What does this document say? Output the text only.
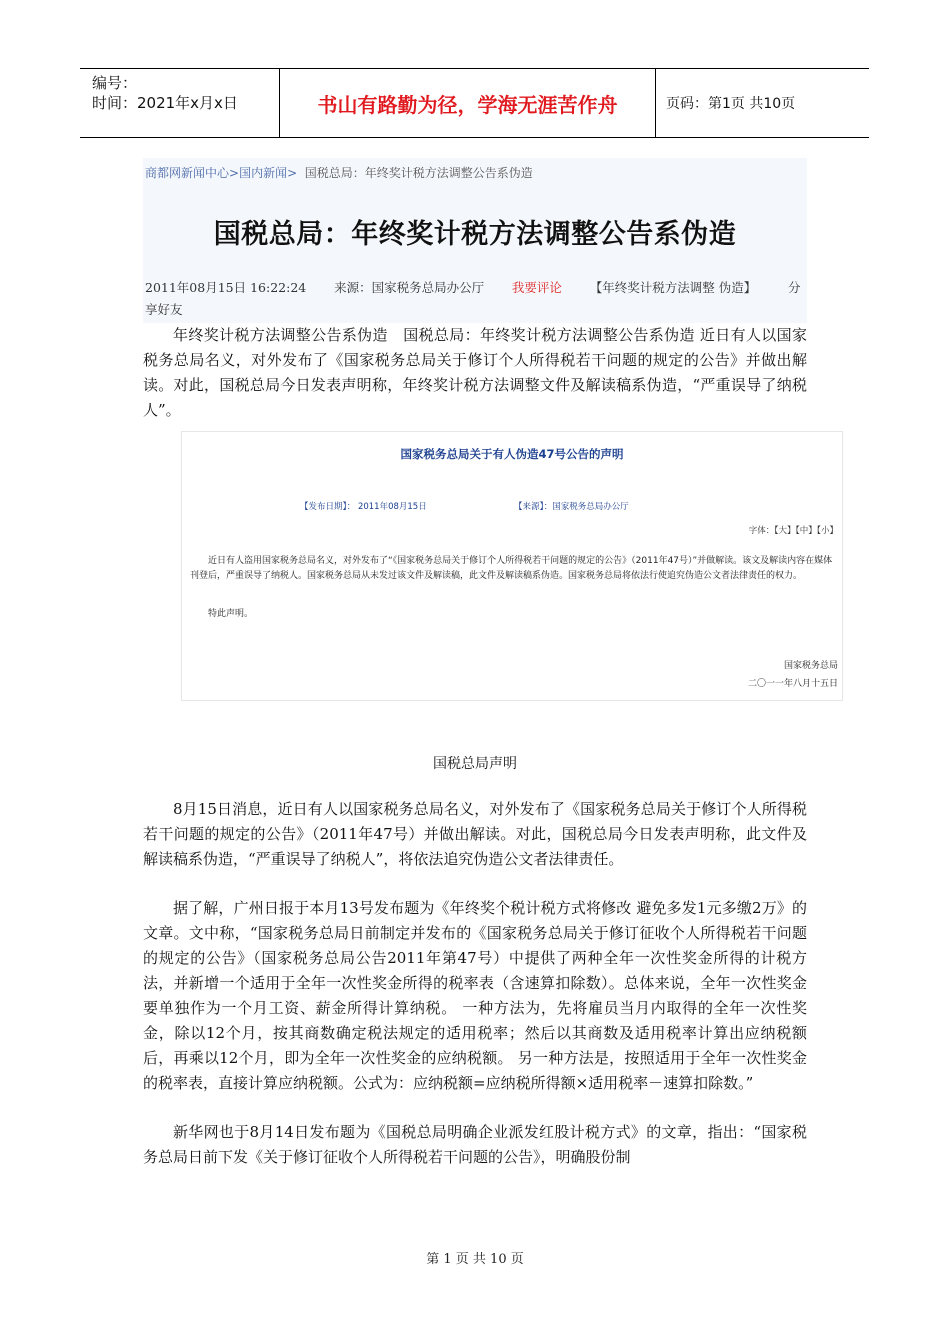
编号：
时间：2021年x月x日	书山有路勤为径，学海无涯苦作舟	页码：第1页 共10页
商都网新闻中心>国内新闻> 国税总局：年终奖计税方法调整公告系伪造
国税总局：年终奖计税方法调整公告系伪造
2011年08月15日 16:22:24 来源：国家税务总局办公厅 我要评论 【年终奖计税方法调整 伪造】	分享好友

年终奖计税方法调整公告系伪造　国税总局：年终奖计税方法调整公告系伪造 近日有人以国家税务总局名义，对外发布了《国家税务总局关于修订个人所得税若干问题的规定的公告》并做出解读。对此，国税总局今日发表声明称，年终奖计税方法调整文件及解读稿系伪造，“严重误导了纳税人”。

国家税务总局关于有人伪造47号公告的声明
【发布日期】： 2011年08月15日	【来源】：国家税务总局办公厅
字体：【大】【中】【小】
近日有人盗用国家税务总局名义，对外发布了“《国家税务总局关于修订个人所得税若干问题的规定的公告》（2011年47号）”并做解读。该文及解读内容在媒体刊登后，严重误导了纳税人。国家税务总局从未发过该文件及解读稿，此文件及解读稿系伪造。国家税务总局将依法行使追究伪造公文者法律责任的权力。
特此声明。
国家税务总局
二〇一一年八月十五日
国税总局声明

8月15日消息，近日有人以国家税务总局名义，对外发布了《国家税务总局关于修订个人所得税若干问题的规定的公告》（2011年47号）并做出解读。对此，国税总局今日发表声明称，此文件及解读稿系伪造，“严重误导了纳税人”，将依法追究伪造公文者法律责任。

据了解，广州日报于本月13号发布题为《年终奖个税计税方式将修改 避免多发1元多缴2万》的文章。文中称，“国家税务总局日前制定并发布的《国家税务总局关于修订征收个人所得税若干问题的规定的公告》（国家税务总局公告2011年第47号）中提供了两种全年一次性奖金所得的计税方法，并新增一个适用于全年一次性奖金所得的税率表（含速算扣除数）。总体来说，全年一次性奖金要单独作为一个月工资、薪金所得计算纳税。 一种方法为，先将雇员当月内取得的全年一次性奖金，除以12个月，按其商数确定税法规定的适用税率；然后以其商数及适用税率计算出应纳税额后，再乘以12个月，即为全年一次性奖金的应纳税额。 另一种方法是，按照适用于全年一次性奖金的税率表，直接计算应纳税额。公式为：应纳税额=应纳税所得额×适用税率－速算扣除数。”

新华网也于8月14日发布题为《国税总局明确企业派发红股计税方式》的文章，指出：“国家税务总局日前下发《关于修订征收个人所得税若干问题的公告》，明确股份制

第 1 页 共 10 页
